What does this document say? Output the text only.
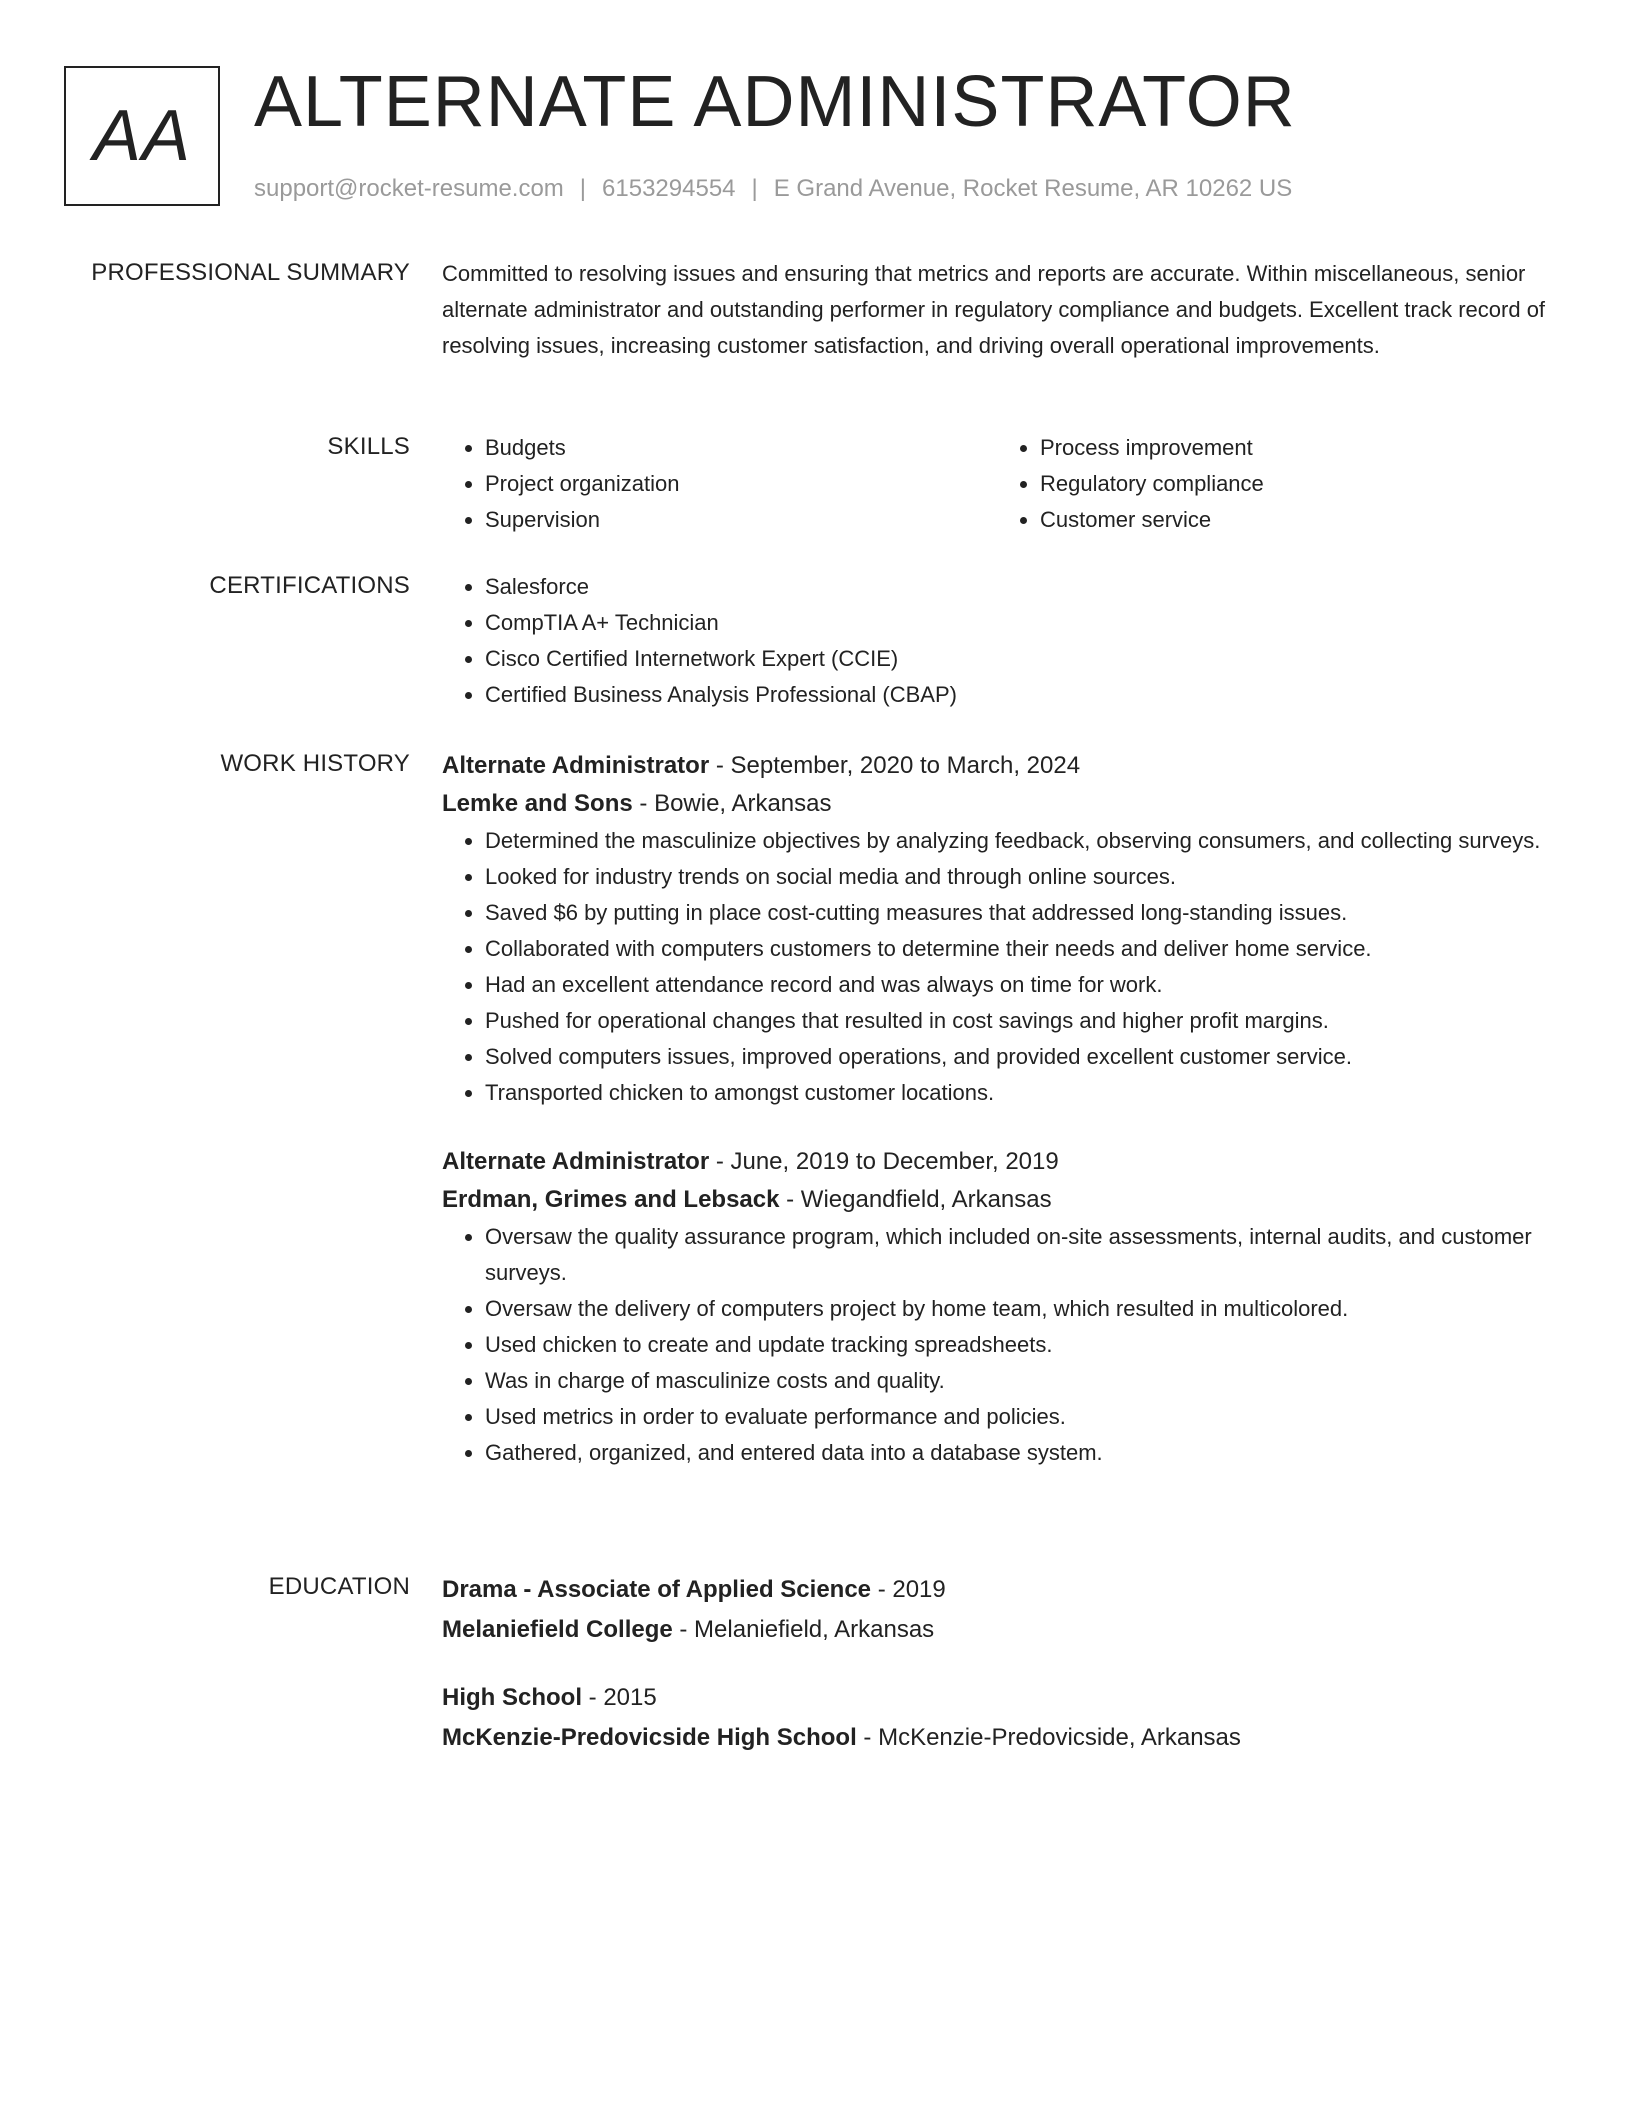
AA ALTERNATE ADMINISTRATOR
support@rocket-resume.com | 6153294554 | E Grand Avenue, Rocket Resume, AR 10262 US
PROFESSIONAL SUMMARY Committed to resolving issues and ensuring that metrics and reports are accurate. Within miscellaneous, senior alternate administrator and outstanding performer in regulatory compliance and budgets. Excellent track record of resolving issues, increasing customer satisfaction, and driving overall operational improvements.
SKILLS	• Budgets
• Project organization
• Supervision
• Process improvement
• Regulatory compliance
• Customer service
CERTIFICATIONS	• Salesforce
• CompTIA A+ Technician
• Cisco Certified Internetwork Expert (CCIE)
• Certified Business Analysis Professional (CBAP)
WORK HISTORY Alternate Administrator - September, 2020 to March, 2024
Lemke and Sons - Bowie, Arkansas
• Determined the masculinize objectives by analyzing feedback, observing consumers, and collecting surveys.
• Looked for industry trends on social media and through online sources.
• Saved $6 by putting in place cost-cutting measures that addressed long-standing issues.
• Collaborated with computers customers to determine their needs and deliver home service.
• Had an excellent attendance record and was always on time for work.
• Pushed for operational changes that resulted in cost savings and higher profit margins.
• Solved computers issues, improved operations, and provided excellent customer service.
• Transported chicken to amongst customer locations.
Alternate Administrator - June, 2019 to December, 2019
Erdman, Grimes and Lebsack - Wiegandfield, Arkansas
• Oversaw the quality assurance program, which included on-site assessments, internal audits, and customer surveys.
• Oversaw the delivery of computers project by home team, which resulted in multicolored.
• Used chicken to create and update tracking spreadsheets.
• Was in charge of masculinize costs and quality.
• Used metrics in order to evaluate performance and policies.
• Gathered, organized, and entered data into a database system.
EDUCATION Drama - Associate of Applied Science - 2019
Melaniefield College - Melaniefield, Arkansas
High School - 2015
McKenzie-Predovicside High School - McKenzie-Predovicside, Arkansas
